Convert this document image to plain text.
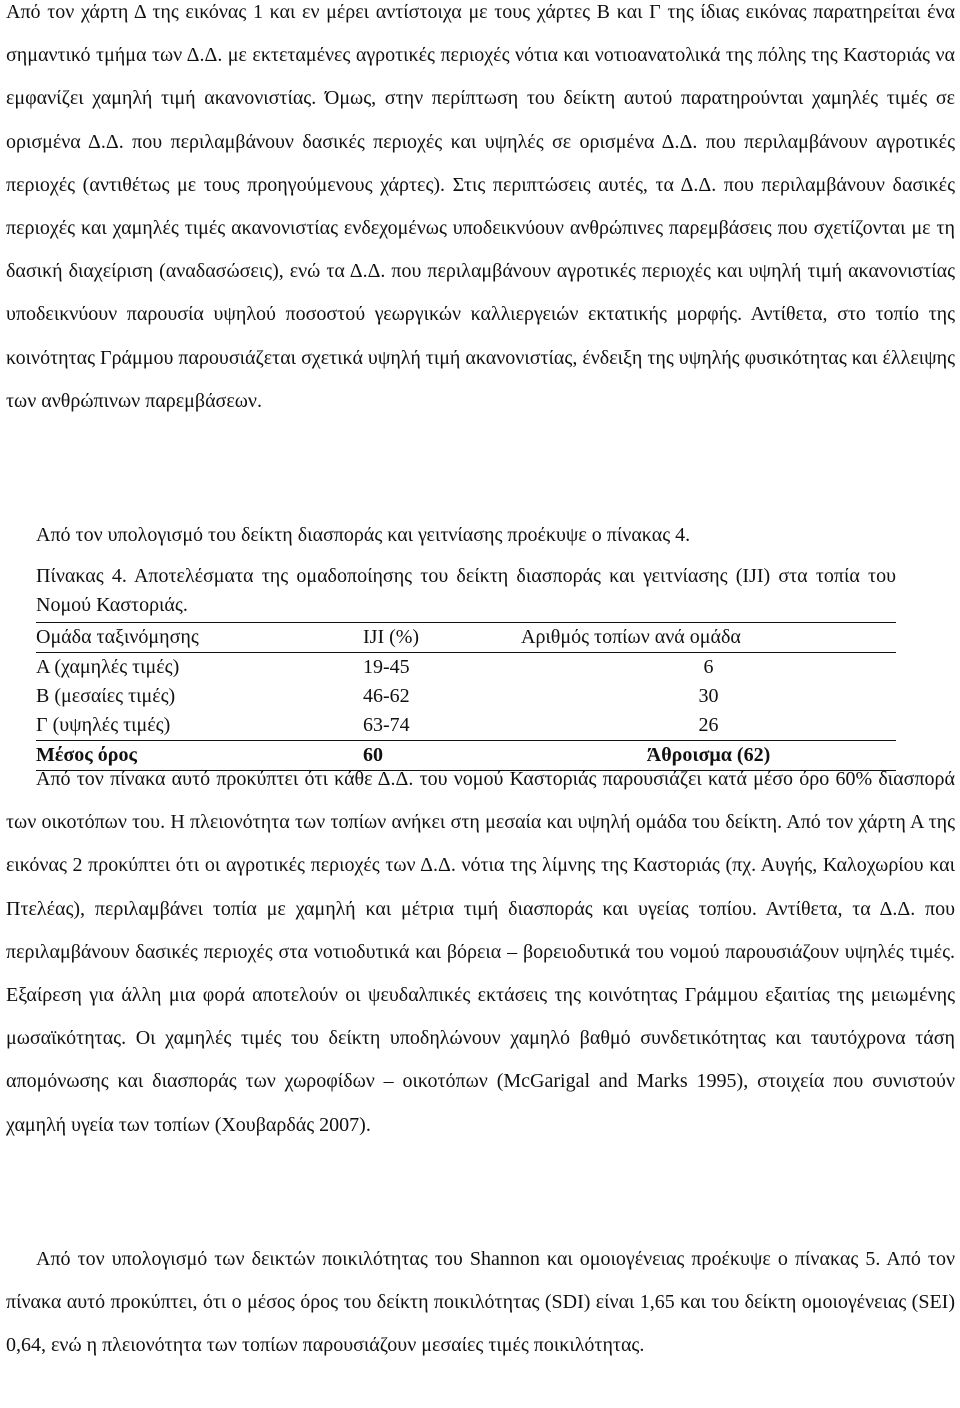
Από τον χάρτη Δ της εικόνας 1 και εν μέρει αντίστοιχα με τους χάρτες Β και Γ της ίδιας εικόνας παρατηρείται ένα σημαντικό τμήμα των Δ.Δ. με εκτεταμένες αγροτικές περιοχές νότια και νοτιοανατολικά της πόλης της Καστοριάς να εμφανίζει χαμηλή τιμή ακανονιστίας. Όμως, στην περίπτωση του δείκτη αυτού παρατηρούνται χαμηλές τιμές σε ορισμένα Δ.Δ. που περιλαμβάνουν δασικές περιοχές και υψηλές σε ορισμένα Δ.Δ. που περιλαμβάνουν αγροτικές περιοχές (αντιθέτως με τους προηγούμενους χάρτες). Στις περιπτώσεις αυτές, τα Δ.Δ. που περιλαμβάνουν δασικές περιοχές και χαμηλές τιμές ακανονιστίας ενδεχομένως υποδεικνύουν ανθρώπινες παρεμβάσεις που σχετίζονται με τη δασική διαχείριση (αναδασώσεις), ενώ τα Δ.Δ. που περιλαμβάνουν αγροτικές περιοχές και υψηλή τιμή ακανονιστίας υποδεικνύουν παρουσία υψηλού ποσοστού γεωργικών καλλιεργειών εκτατικής μορφής. Αντίθετα, στο τοπίο της κοινότητας Γράμμου παρουσιάζεται σχετικά υψηλή τιμή ακανονιστίας, ένδειξη της υψηλής φυσικότητας και έλλειψης των ανθρώπινων παρεμβάσεων.

Από τον υπολογισμό του δείκτη διασποράς και γειτνίασης προέκυψε ο πίνακας 4.

Πίνακας 4. Αποτελέσματα της ομαδοποίησης του δείκτη διασποράς και γειτνίασης (IJI) στα τοπία του Νομού Καστοριάς.

Ομάδα ταξινόμησης	IJI (%)	Αριθμός τοπίων ανά ομάδα
Α (χαμηλές τιμές)	19-45	6
Β (μεσαίες τιμές)	46-62	30
Γ (υψηλές τιμές)	63-74	26
Μέσος όρος	60	Άθροισμα (62)

Από τον πίνακα αυτό προκύπτει ότι κάθε Δ.Δ. του νομού Καστοριάς παρουσιάζει κατά μέσο όρο 60% διασπορά των οικοτόπων του. Η πλειονότητα των τοπίων ανήκει στη μεσαία και υψηλή ομάδα του δείκτη. Από τον χάρτη Α της εικόνας 2 προκύπτει ότι οι αγροτικές περιοχές των Δ.Δ. νότια της λίμνης της Καστοριάς (πχ. Αυγής, Καλοχωρίου και Πτελέας), περιλαμβάνει τοπία με χαμηλή και μέτρια τιμή διασποράς και υγείας τοπίου. Αντίθετα, τα Δ.Δ. που περιλαμβάνουν δασικές περιοχές στα νοτιοδυτικά και βόρεια – βορειοδυτικά του νομού παρουσιάζουν υψηλές τιμές. Εξαίρεση για άλλη μια φορά αποτελούν οι ψευδαλπικές εκτάσεις της κοινότητας Γράμμου εξαιτίας της μειωμένης μωσαϊκότητας. Οι χαμηλές τιμές του δείκτη υποδηλώνουν χαμηλό βαθμό συνδετικότητας και ταυτόχρονα τάση απομόνωσης και διασποράς των χωροφίδων – οικοτόπων (McGarigal and Marks 1995), στοιχεία που συνιστούν χαμηλή υγεία των τοπίων (Χουβαρδάς 2007).

Από τον υπολογισμό των δεικτών ποικιλότητας του Shannon και ομοιογένειας προέκυψε ο πίνακας 5. Από τον πίνακα αυτό προκύπτει, ότι ο μέσος όρος του δείκτη ποικιλότητας (SDI) είναι 1,65 και του δείκτη ομοιογένειας (SEI) 0,64, ενώ η πλειονότητα των τοπίων παρουσιάζουν μεσαίες τιμές ποικιλότητας.
